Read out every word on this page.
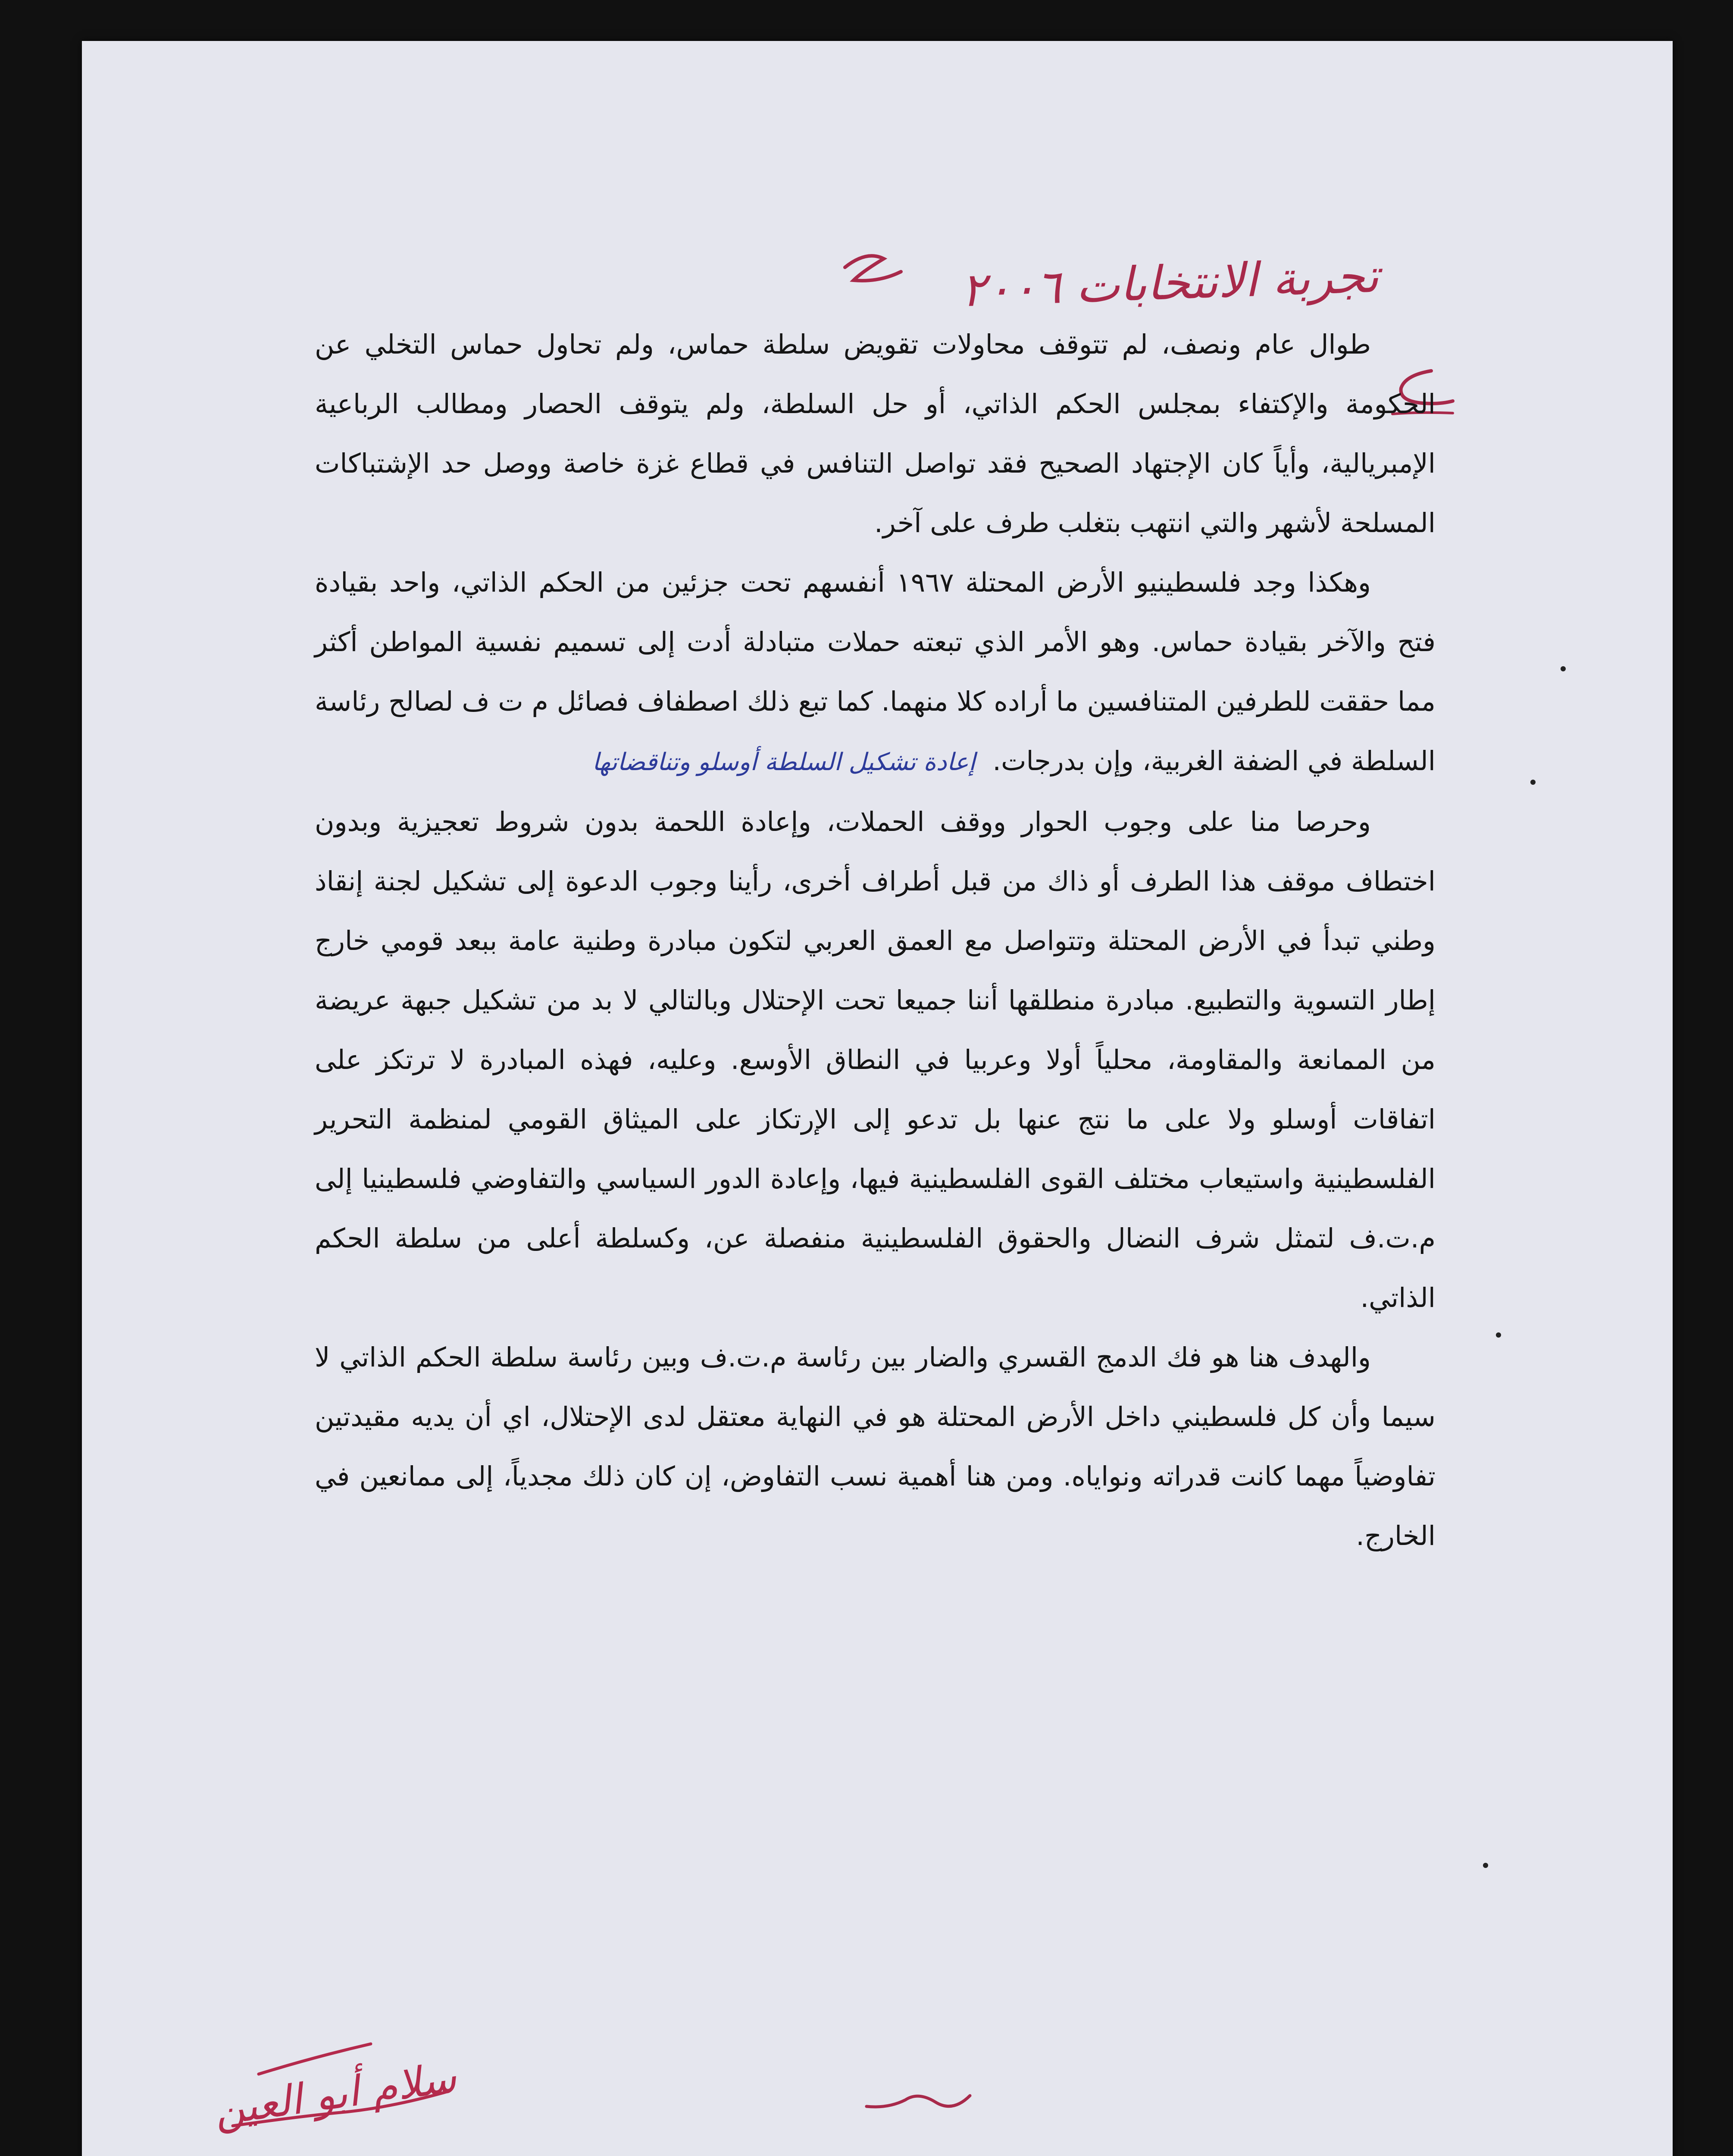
تجربة الانتخابات ٢٠٠٦

طوال عام ونصف، لم تتوقف محاولات تقويض سلطة حماس، ولم تحاول حماس التخلي عن الحكومة والإكتفاء بمجلس الحكم الذاتي، أو حل السلطة، ولم يتوقف الحصار ومطالب الرباعية الإمبريالية، وأياً كان الإجتهاد الصحيح فقد تواصل التنافس في قطاع غزة خاصة ووصل حد الإشتباكات المسلحة لأشهر والتي انتهب بتغلب طرف على آخر.

وهكذا وجد فلسطينيو الأرض المحتلة ١٩٦٧ أنفسهم تحت جزئين من الحكم الذاتي، واحد بقيادة فتح والآخر بقيادة حماس. وهو الأمر الذي تبعته حملات متبادلة أدت إلى تسميم نفسية المواطن أكثر مما حققت للطرفين المتنافسين ما أراده كلا منهما. كما تبع ذلك اصطفاف فصائل م ت ف لصالح رئاسة السلطة في الضفة الغربية، وإن بدرجات.إعادة تشكيل السلطة أوسلو وتناقضاتها

وحرصا منا على وجوب الحوار ووقف الحملات، وإعادة اللحمة بدون شروط تعجيزية وبدون اختطاف موقف هذا الطرف أو ذاك من قبل أطراف أخرى، رأينا وجوب الدعوة إلى تشكيل لجنة إنقاذ وطني تبدأ في الأرض المحتلة وتتواصل مع العمق العربي لتكون مبادرة وطنية عامة ببعد قومي خارج إطار التسوية والتطبيع. مبادرة منطلقها أننا جميعا تحت الإحتلال وبالتالي لا بد من تشكيل جبهة عريضة من الممانعة والمقاومة، محلياً أولا وعربيا في النطاق الأوسع. وعليه، فهذه المبادرة لا ترتكز على اتفاقات أوسلو ولا على ما نتج عنها بل تدعو إلى الإرتكاز على الميثاق القومي لمنظمة التحرير الفلسطينية واستيعاب مختلف القوى الفلسطينية فيها، وإعادة الدور السياسي والتفاوضي فلسطينيا إلى م.ت.ف لتمثل شرف النضال والحقوق الفلسطينية منفصلة عن، وكسلطة أعلى من سلطة الحكم الذاتي.

والهدف هنا هو فك الدمج القسري والضار بين رئاسة م.ت.ف وبين رئاسة سلطة الحكم الذاتي لا سيما وأن كل فلسطيني داخل الأرض المحتلة هو في النهاية معتقل لدى الإحتلال، اي أن يديه مقيدتين تفاوضياً مهما كانت قدراته ونواياه. ومن هنا أهمية نسب التفاوض، إن كان ذلك مجدياً، إلى ممانعين في الخارج.

سلام أبو العين
